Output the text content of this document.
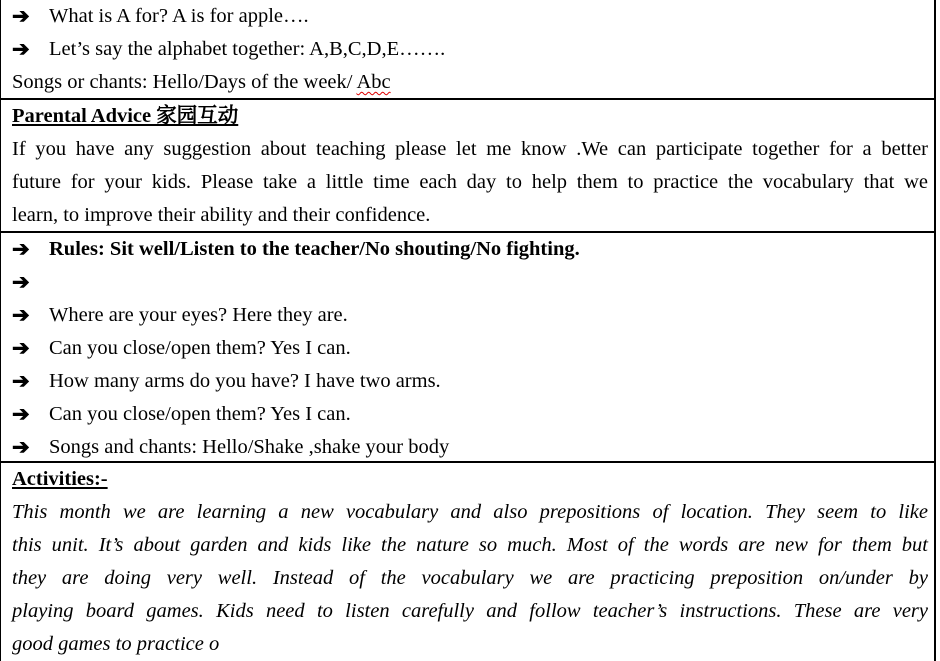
➔ What is A for? A is for apple….
➔ Let’s say the alphabet together: A,B,C,D,E…….
Songs or chants: Hello/Days of the week/ Abc
Parental Advice 家园互动
If you have any suggestion about teaching please let me know .We can participate together for a better
future for your kids. Please take a little time each day to help them to practice the vocabulary that we
learn, to improve their ability and their confidence.
➔ Rules: Sit well/Listen to the teacher/No shouting/No fighting.
➔
➔ Where are your eyes? Here they are.
➔ Can you close/open them? Yes I can.
➔ How many arms do you have? I have two arms.
➔ Can you close/open them? Yes I can.
➔ Songs and chants: Hello/Shake ,shake your body
Activities:-
This month we are learning a new vocabulary and also prepositions of location. They seem to like
this unit. It’s about garden and kids like the nature so much. Most of the words are new for them but
they are doing very well. Instead of the vocabulary we are practicing preposition on/under by
playing board games. Kids need to listen carefully and follow teacher’s instructions. These are very
good games to practice o
